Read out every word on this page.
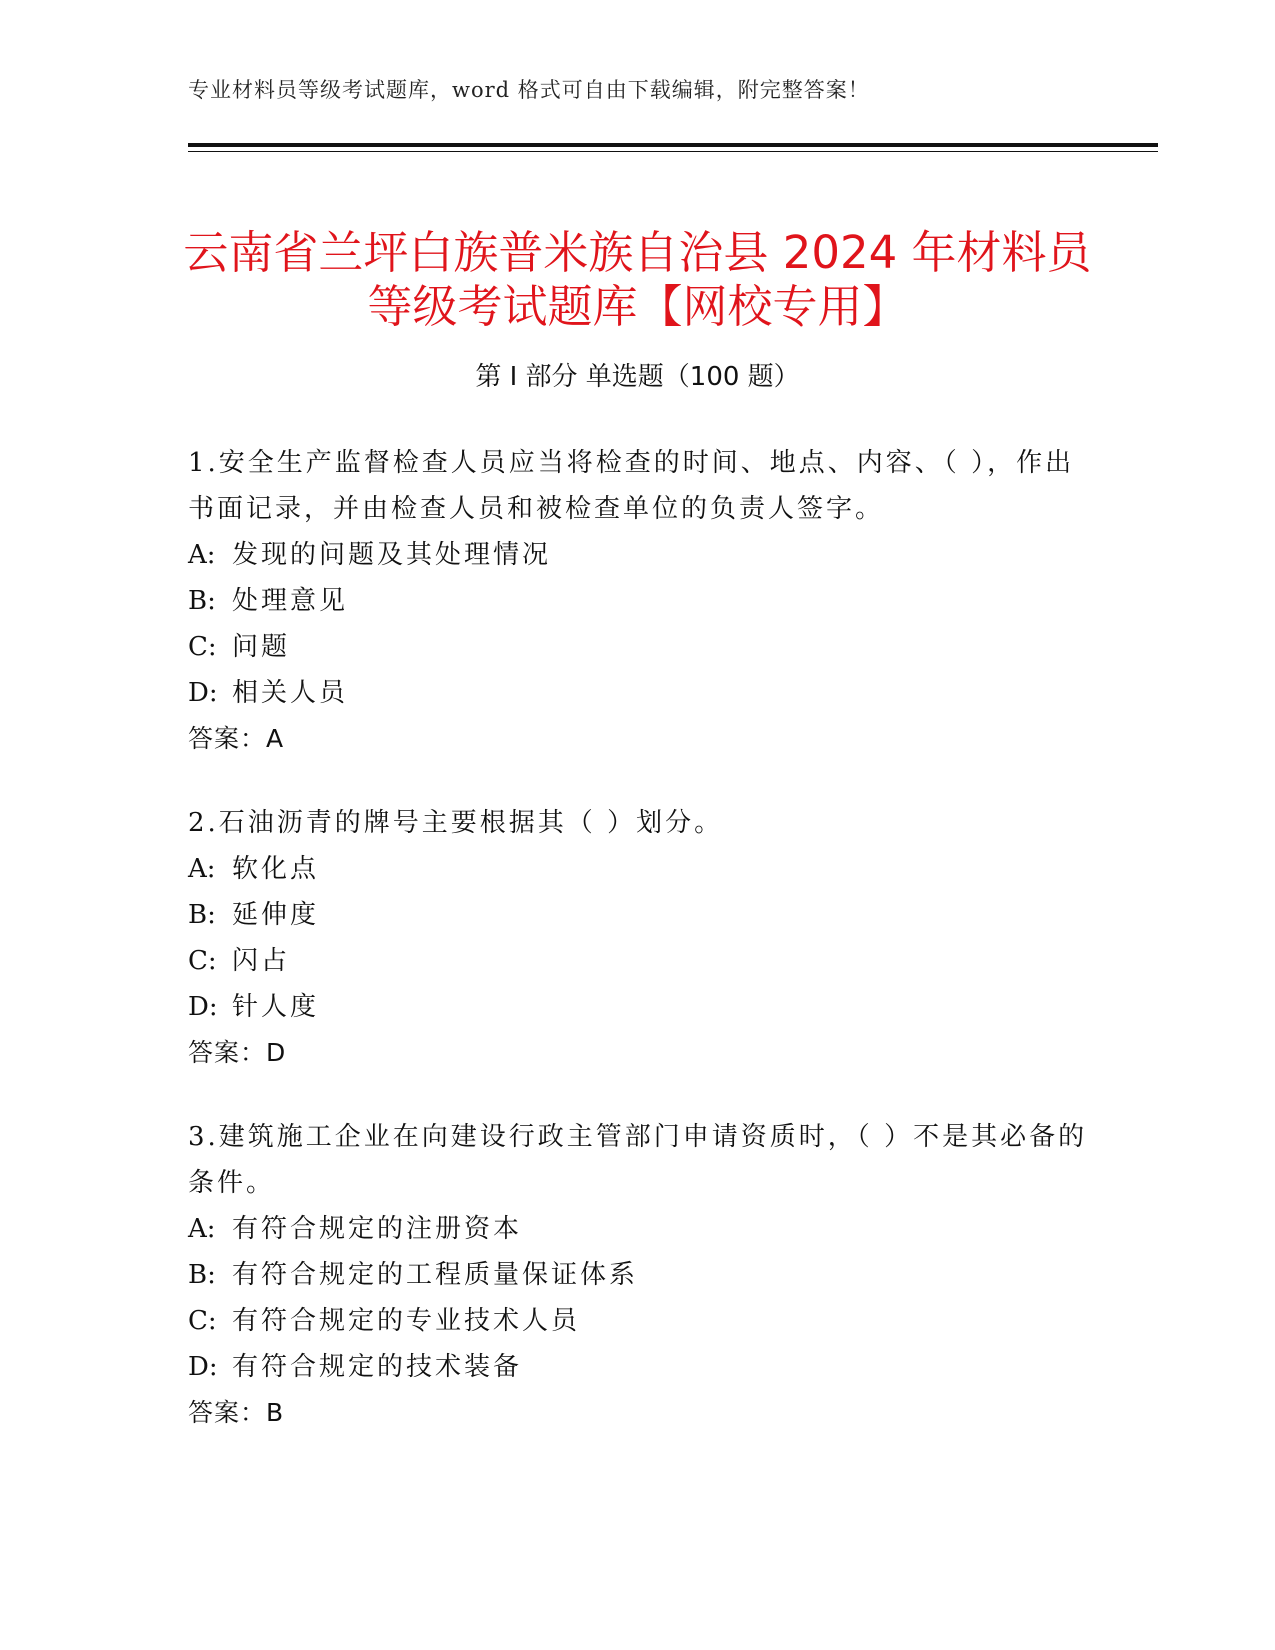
专业材料员等级考试题库，word 格式可自由下载编辑，附完整答案！
云南省兰坪白族普米族自治县 2024 年材料员
等级考试题库【网校专用】
第 I 部分 单选题（100 题）

1.安全生产监督检查人员应当将检查的时间、地点、内容、（ ），作出书面记录，并由检查人员和被检查单位的负责人签字。

A: 发现的问题及其处理情况

B: 处理意见

C: 问题

D: 相关人员

答案：A

2.石油沥青的牌号主要根据其（ ）划分。

A: 软化点

B: 延伸度

C: 闪占

D: 针人度

答案：D

3.建筑施工企业在向建设行政主管部门申请资质时，（ ）不是其必备的条件。

A: 有符合规定的注册资本

B: 有符合规定的工程质量保证体系

C: 有符合规定的专业技术人员

D: 有符合规定的技术装备

答案：B
